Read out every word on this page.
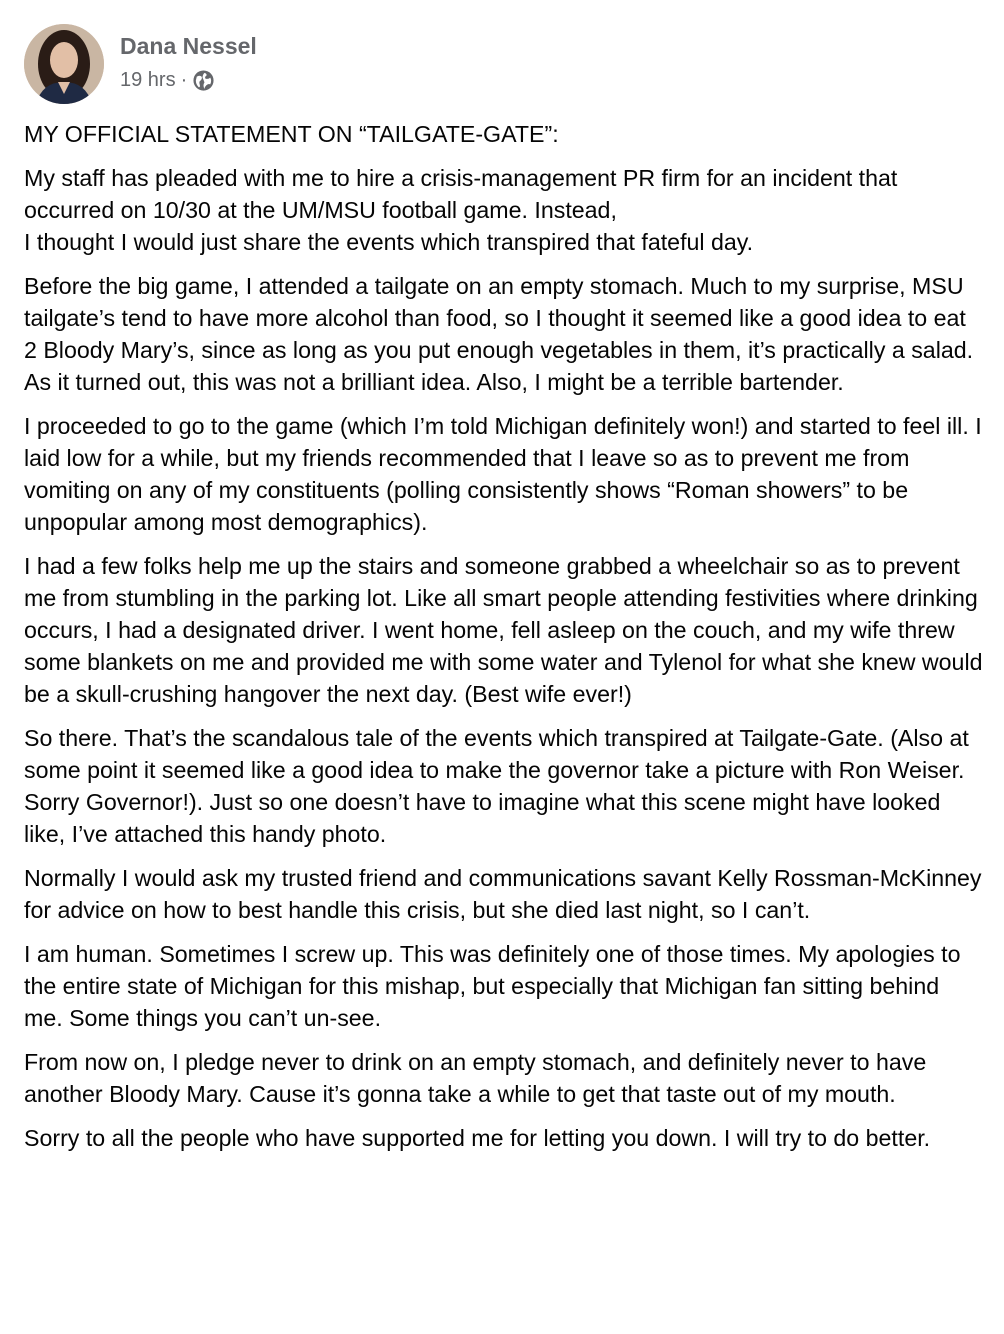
Dana Nessel
19 hrs ·

MY OFFICIAL STATEMENT ON “TAILGATE-GATE”:

My staff has pleaded with me to hire a crisis-management PR firm for an incident that occurred on 10/30 at the UM/MSU football game. Instead,
I thought I would just share the events which transpired that fateful day.

Before the big game, I attended a tailgate on an empty stomach. Much to my surprise, MSU tailgate’s tend to have more alcohol than food, so I thought it seemed like a good idea to eat 2 Bloody Mary’s, since as long as you put enough vegetables in them, it’s practically a salad. As it turned out, this was not a brilliant idea. Also, I might be a terrible bartender.

I proceeded to go to the game (which I’m told Michigan definitely won!) and started to feel ill. I laid low for a while, but my friends recommended that I leave so as to prevent me from vomiting on any of my constituents (polling consistently shows “Roman showers” to be unpopular among most demographics).

I had a few folks help me up the stairs and someone grabbed a wheelchair so as to prevent me from stumbling in the parking lot. Like all smart people attending festivities where drinking occurs, I had a designated driver. I went home, fell asleep on the couch, and my wife threw some blankets on me and provided me with some water and Tylenol for what she knew would be a skull-crushing hangover the next day. (Best wife ever!)

So there. That’s the scandalous tale of the events which transpired at Tailgate-Gate. (Also at some point it seemed like a good idea to make the governor take a picture with Ron Weiser. Sorry Governor!). Just so one doesn’t have to imagine what this scene might have looked like, I’ve attached this handy photo.

Normally I would ask my trusted friend and communications savant Kelly Rossman-McKinney for advice on how to best handle this crisis, but she died last night, so I can’t.

I am human. Sometimes I screw up. This was definitely one of those times. My apologies to the entire state of Michigan for this mishap, but especially that Michigan fan sitting behind me. Some things you can’t un-see.

From now on, I pledge never to drink on an empty stomach, and definitely never to have another Bloody Mary. Cause it’s gonna take a while to get that taste out of my mouth.

Sorry to all the people who have supported me for letting you down. I will try to do better.
